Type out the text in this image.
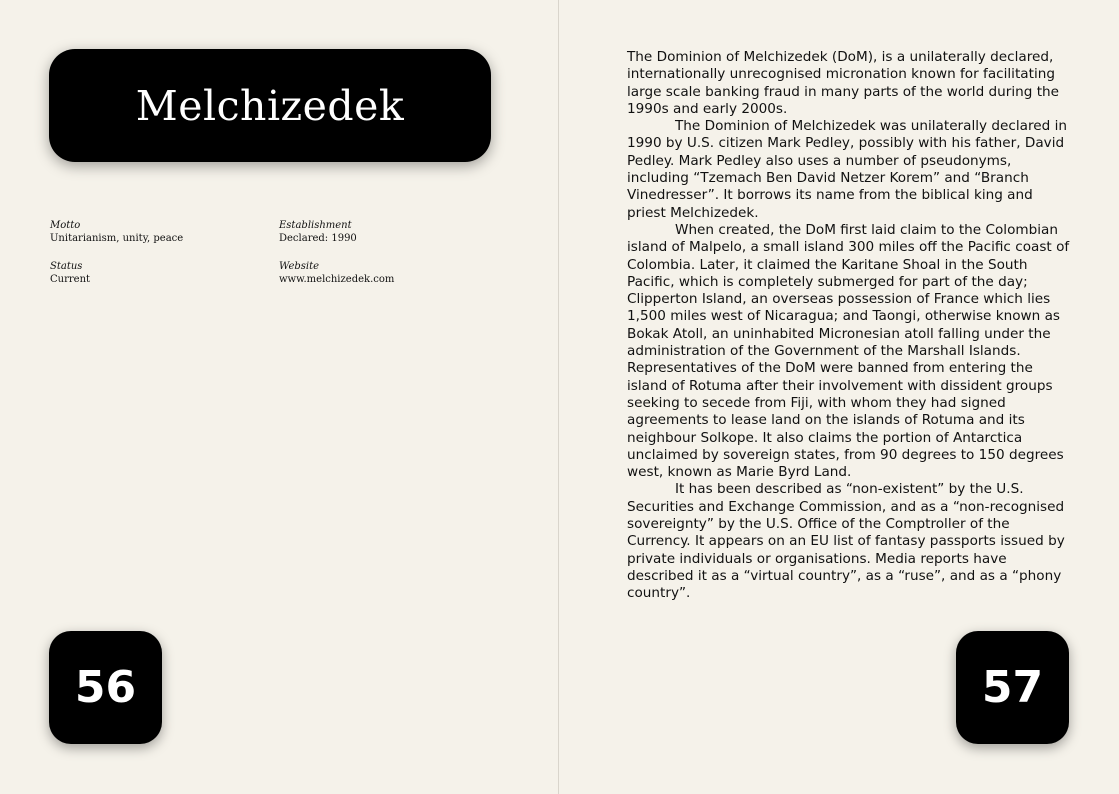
Melchizedek
Motto
Unitarianism, unity, peace
Establishment
Declared: 1990
Status
Current
Website
www.melchizedek.com
56

The Dominion of Melchizedek (DoM), is a unilaterally declared, internationally unrecognised micronation known for facilitating large scale banking fraud in many parts of the world during the 1990s and early 2000s.

The Dominion of Melchizedek was unilaterally declared in 1990 by U.S. citizen Mark Pedley, possibly with his father, David Pedley. Mark Pedley also uses a number of pseudonyms, including “Tzemach Ben David Netzer Korem” and “Branch Vinedresser”. It borrows its name from the biblical king and priest Melchizedek.

When created, the DoM first laid claim to the Colombian island of Malpelo, a small island 300 miles off the Pacific coast of Colombia. Later, it claimed the Karitane Shoal in the South Pacific, which is completely submerged for part of the day; Clipperton Island, an overseas possession of France which lies 1,500 miles west of Nicaragua; and Taongi, otherwise known as Bokak Atoll, an uninhabited Micronesian atoll falling under the administration of the Government of the Marshall Islands. Representatives of the DoM were banned from entering the island of Rotuma after their involvement with dissident groups seeking to secede from Fiji, with whom they had signed agreements to lease land on the islands of Rotuma and its neighbour Solkope. It also claims the portion of Antarctica unclaimed by sovereign states, from 90 degrees to 150 degrees west, known as Marie Byrd Land.

It has been described as “non-existent” by the U.S. Securities and Exchange Commission, and as a “non-recognised sovereignty” by the U.S. Office of the Comptroller of the Currency. It appears on an EU list of fantasy passports issued by private individuals or organisations. Media reports have described it as a “virtual country”, as a “ruse”, and as a “phony country”.

57
